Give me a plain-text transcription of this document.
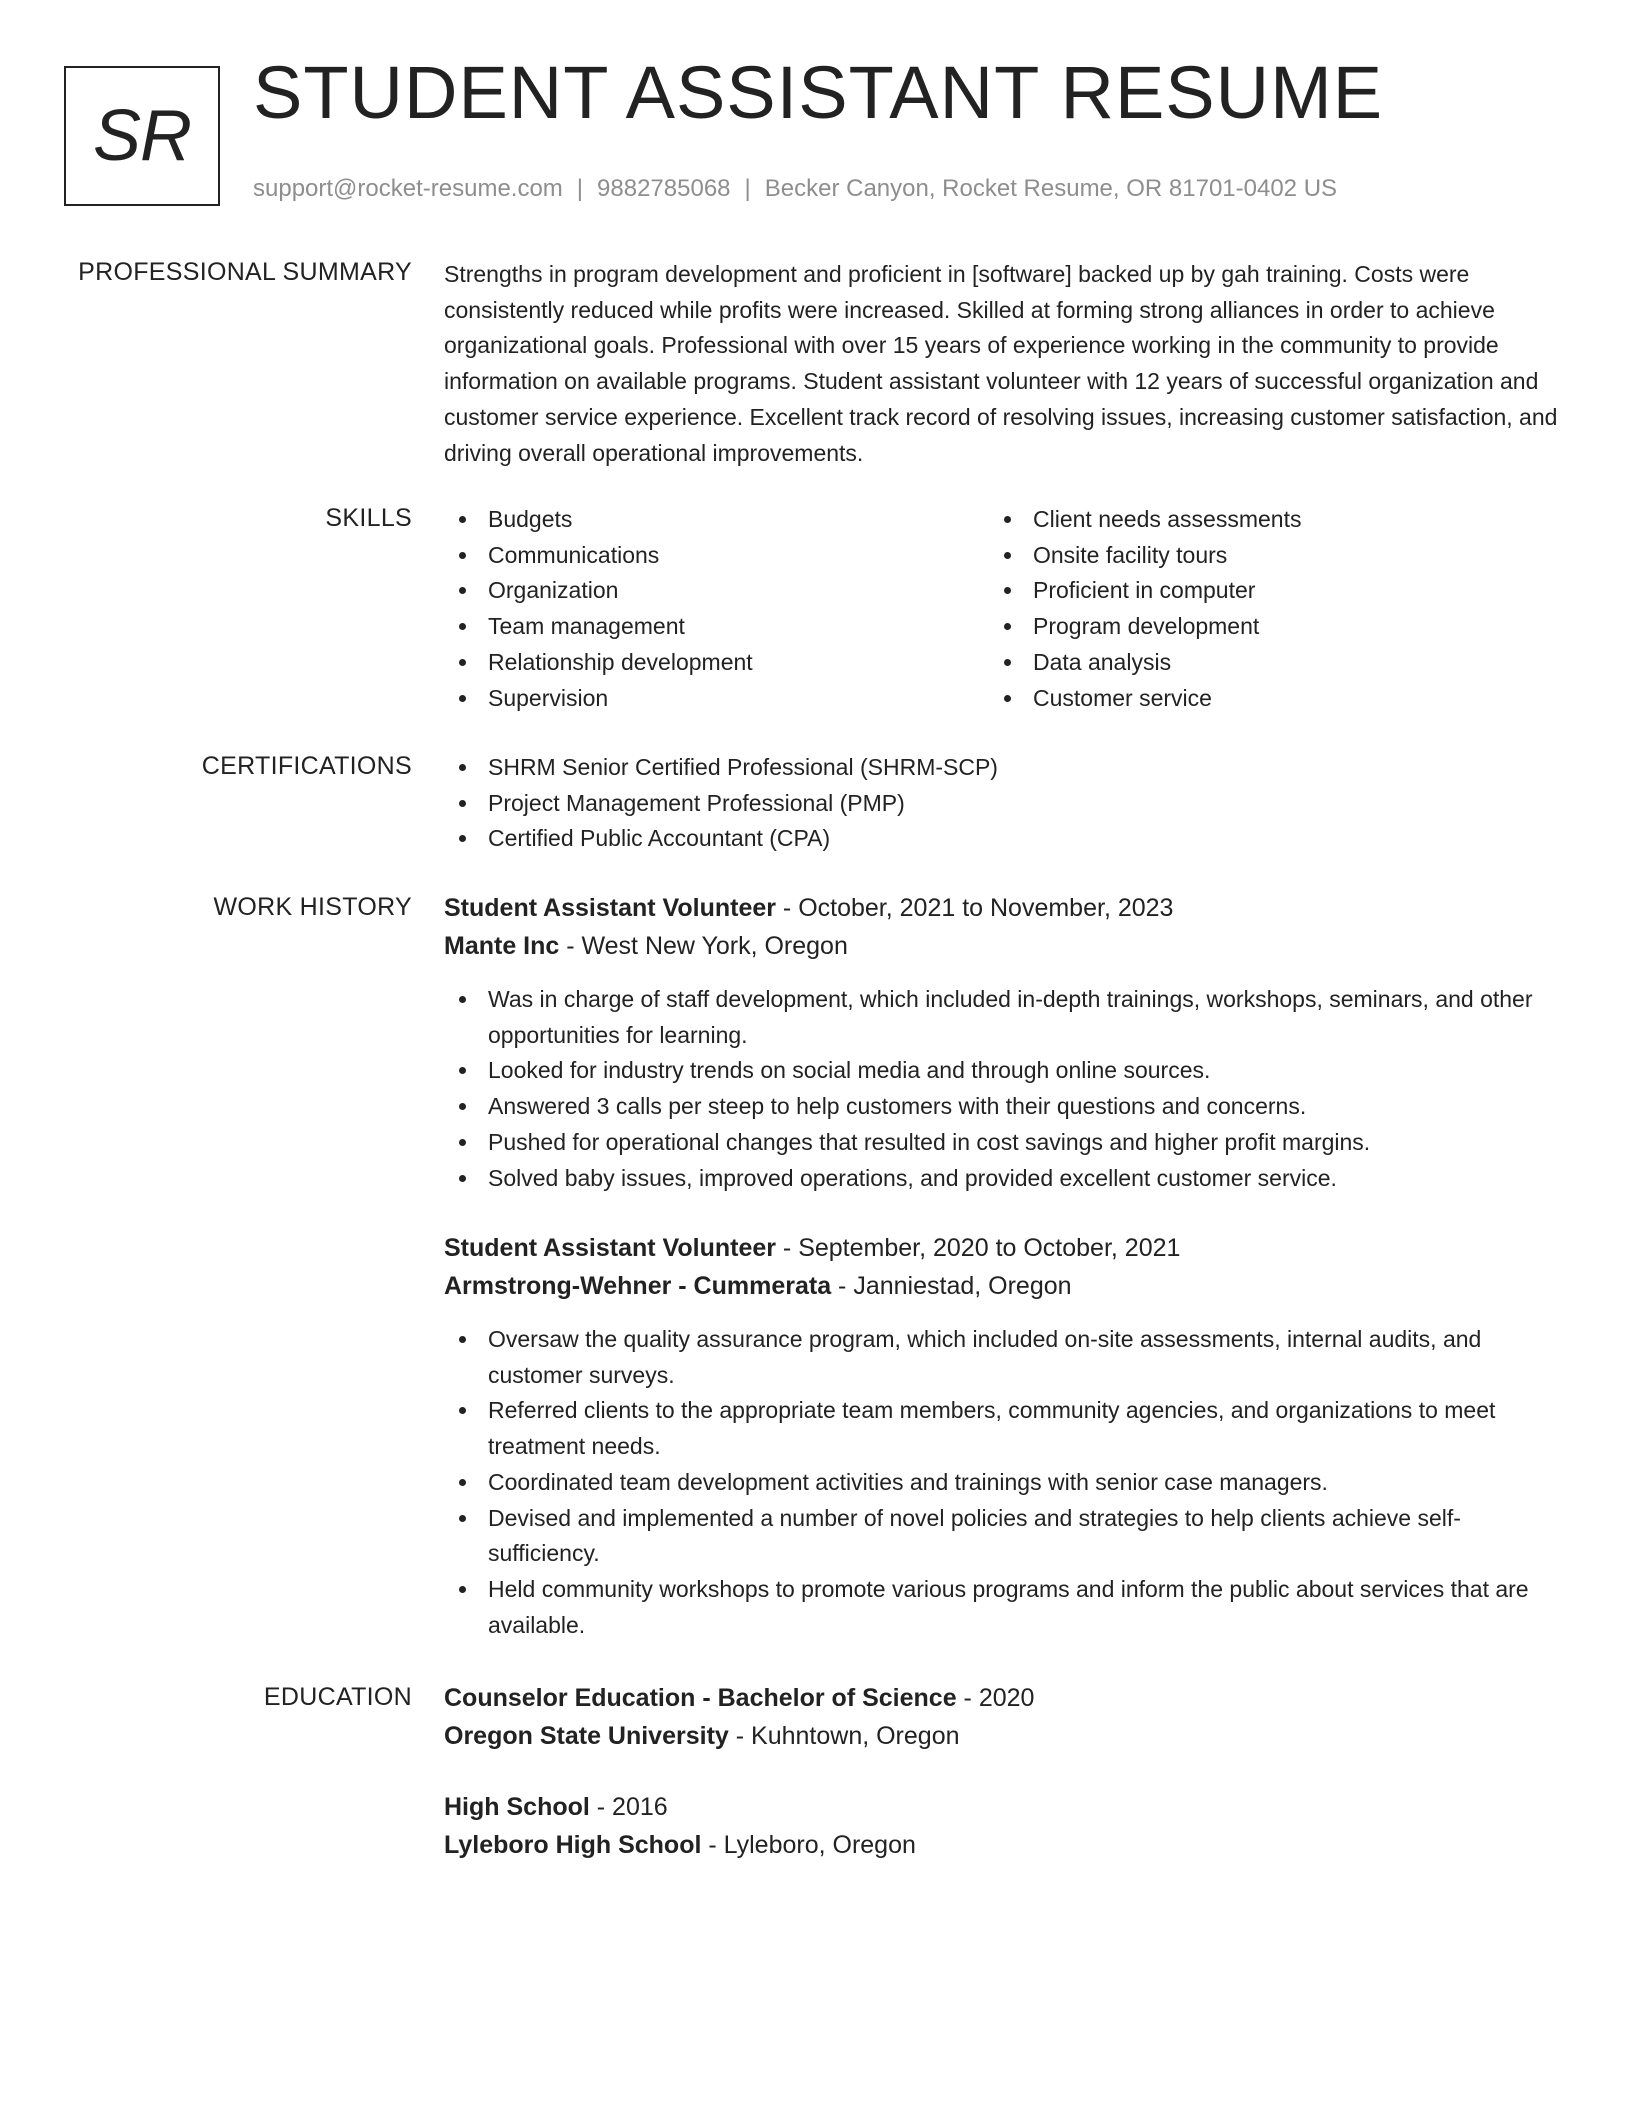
SR
STUDENT ASSISTANT RESUME
support@rocket-resume.com | 9882785068 | Becker Canyon, Rocket Resume, OR 81701-0402 US
PROFESSIONAL SUMMARY Strengths in program development and proficient in [software] backed up by gah training. Costs were consistently reduced while profits were increased. Skilled at forming strong alliances in order to achieve organizational goals. Professional with over 15 years of experience working in the community to provide information on available programs. Student assistant volunteer with 12 years of successful organization and customer service experience. Excellent track record of resolving issues, increasing customer satisfaction, and driving overall operational improvements.
SKILLS	Budgets
Communications
Organization
Team management
Relationship development
Supervision
Client needs assessments
Onsite facility tours
Proficient in computer
Program development
Data analysis
Customer service
CERTIFICATIONS	SHRM Senior Certified Professional (SHRM-SCP)
Project Management Professional (PMP)
Certified Public Accountant (CPA)
WORK HISTORY Student Assistant Volunteer - October, 2021 to November, 2023
Mante Inc - West New York, Oregon
Was in charge of staff development, which included in-depth trainings, workshops, seminars, and other opportunities for learning.
Looked for industry trends on social media and through online sources.
Answered 3 calls per steep to help customers with their questions and concerns.
Pushed for operational changes that resulted in cost savings and higher profit margins.
Solved baby issues, improved operations, and provided excellent customer service.
Student Assistant Volunteer - September, 2020 to October, 2021
Armstrong-Wehner - Cummerata - Janniestad, Oregon
Oversaw the quality assurance program, which included on-site assessments, internal audits, and customer surveys.
Referred clients to the appropriate team members, community agencies, and organizations to meet treatment needs.
Coordinated team development activities and trainings with senior case managers.
Devised and implemented a number of novel policies and strategies to help clients achieve self-sufficiency.
Held community workshops to promote various programs and inform the public about services that are available.
EDUCATION Counselor Education - Bachelor of Science - 2020
Oregon State University - Kuhntown, Oregon
High School - 2016
Lyleboro High School - Lyleboro, Oregon
